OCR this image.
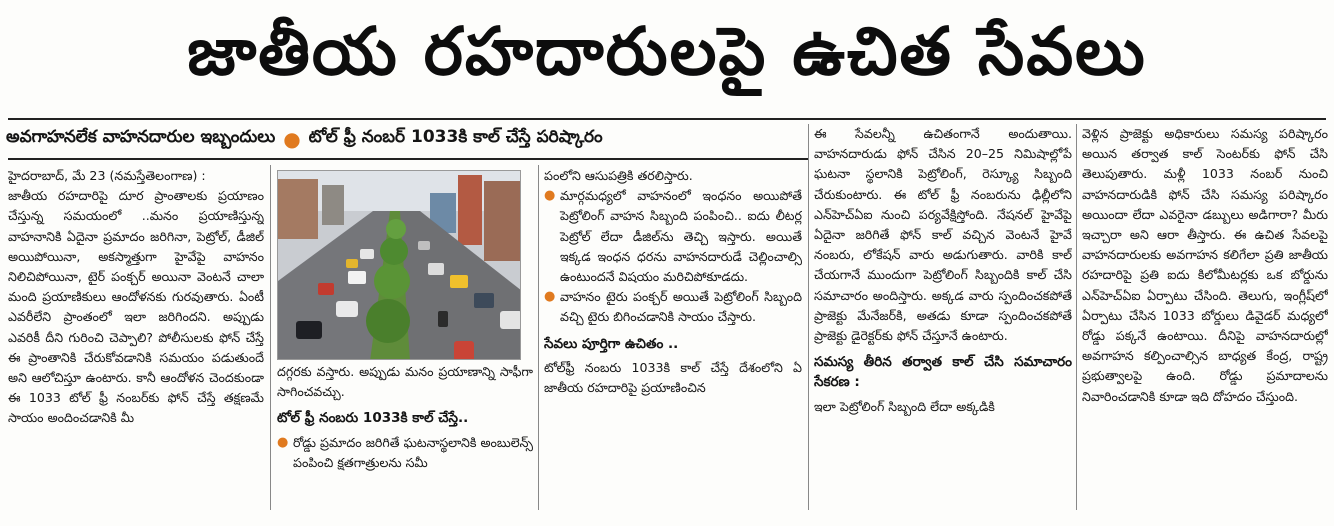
జాతీయ రహదారులపై ఉచిత సేవలు
అవగాహనలేక వాహనదారుల ఇబ్బందులు ● టోల్ ఫ్రీ నంబర్ 1033కి కాల్ చేస్తే పరిష్కారం

హైదరాబాద్, మే 23 (నమస్తేతెలంగాణ) :

జాతీయ రహదారిపై దూర ప్రాంతాలకు ప్రయాణం చేస్తున్న సమయంలో ..మనం ప్రయాణిస్తున్న వాహనానికి ఏదైనా ప్రమాదం జరిగినా, పెట్రోల్, డీజిల్ అయిపోయినా, అకస్మాత్తుగా హైవేపై వాహనం నిలిచిపోయినా, టైర్ పంక్చర్ అయినా వెంటనే చాలా మంది ప్రయాణికులు ఆందోళనకు గురవుతారు. ఏంటీ ఎవరీలేని ప్రాంతంలో ఇలా జరిగిందని. అప్పుడు ఎవరికీ దీని గురించి చెప్పాలి? పోలీసులకు ఫోన్ చేస్తే ఈ ప్రాంతానికి చేరుకోవడానికి సమయం పడుతుందే అని ఆలోచిస్తూ ఉంటారు. కానీ ఆందోళన చెందకుండా ఈ 1033 టోల్ ఫ్రీ నంబర్‌కు ఫోన్ చేస్తే తక్షణమే సాయం అందించడానికి మీ

దగ్గరకు వస్తారు. అప్పుడు మనం ప్రయాణాన్ని సాఫీగా సాగించవచ్చు.

టోల్ ఫ్రీ నంబరు 1033కి కాల్ చేస్తే..
● రోడ్డు ప్రమాదం జరిగితే ఘటనాస్థలానికి అంబులెన్స్ పంపించి క్షతగాత్రులను సమీ

పంలోని ఆసుపత్రికి తరలిస్తారు.

● మార్గమధ్యలో వాహనంలో ఇంధనం అయిపోతే పెట్రోలింగ్ వాహన సిబ్బంది పంపించి.. ఐదు లీటర్ల పెట్రోల్ లేదా డీజిల్‌ను తెచ్చి ఇస్తారు. అయితే ఇక్కడ ఇంధన ధరను వాహనదారుడే చెల్లించాల్సి ఉంటుందనే విషయం మరిచిపోకూడదు.

● వాహనం టైరు పంక్చర్ అయితే పెట్రోలింగ్ సిబ్బంది వచ్చి టైరు బిగించడానికి సాయం చేస్తారు.

సేవలు పూర్తిగా ఉచితం ..

టోల్‌ఫ్రీ నంబరు 1033కి కాల్ చేస్తే దేశంలోని ఏ జాతీయ రహదారిపై ప్రయాణించిన

ఈ సేవలన్నీ ఉచితంగానే అందుతాయి. వాహనదారుడు ఫోన్ చేసిన 20–25 నిమిషాల్లోపే ఘటనా స్థలానికి పెట్రోలింగ్, రెస్క్యూ సిబ్బంది చేరుకుంటారు. ఈ టోల్ ఫ్రీ నంబరును ఢిల్లీలోని ఎన్‌హెచ్‌ఏఐ నుంచి పర్యవేక్షిస్తోంది. నేషనల్ హైవేపై ఏదైనా జరిగితే ఫోన్ కాల్ వచ్చిన వెంటనే హైవే నంబరు, లోకేషన్ వారు అడుగుతారు. వారికి కాల్ చేయగానే ముందుగా పెట్రోలింగ్ సిబ్బందికి కాల్ చేసి సమాచారం అందిస్తారు. అక్కడ వారు స్పందించకపోతే ప్రాజెక్టు మేనేజర్‌కి, అతడు కూడా స్పందించకపోతే ప్రాజెక్టు డైరెక్టర్‌కు ఫోన్ చేస్తూనే ఉంటారు.

సమస్య తీరిన తర్వాత కాల్ చేసి సమాచారం సేకరణ :

ఇలా పెట్రోలింగ్ సిబ్బంది లేదా అక్కడికి

వెళ్లిన ప్రాజెక్టు అధికారులు సమస్య పరిష్కారం అయిన తర్వాత కాల్ సెంటర్‌కు ఫోన్ చేసి తెలుపుతారు. మళ్లీ 1033 నంబర్ నుంచి వాహనదారుడికి ఫోన్ చేసి సమస్య పరిష్కారం అయిందా లేదా ఎవరైనా డబ్బులు అడిగారా? మీరు ఇచ్చారా అని ఆరా తీస్తారు. ఈ ఉచిత సేవలపై వాహనదారులకు అవగాహన కలిగేలా ప్రతి జాతీయ రహదారిపై ప్రతి ఐదు కిలోమీటర్లకు ఒక బోర్డును ఎన్‌హెచ్‌ఏఐ ఏర్పాటు చేసింది. తెలుగు, ఇంగ్లీష్‌లో ఏర్పాటు చేసిన 1033 బోర్డులు డివైడర్ మధ్యలో రోడ్డు పక్కనే ఉంటాయి. దీనిపై వాహనదారుల్లో అవగాహన కల్పించాల్సిన బాధ్యత కేంద్ర, రాష్ట్ర ప్రభుత్వాలపై ఉంది. రోడ్డు ప్రమాదాలను నివారించడానికి కూడా ఇది దోహదం చేస్తుంది.
